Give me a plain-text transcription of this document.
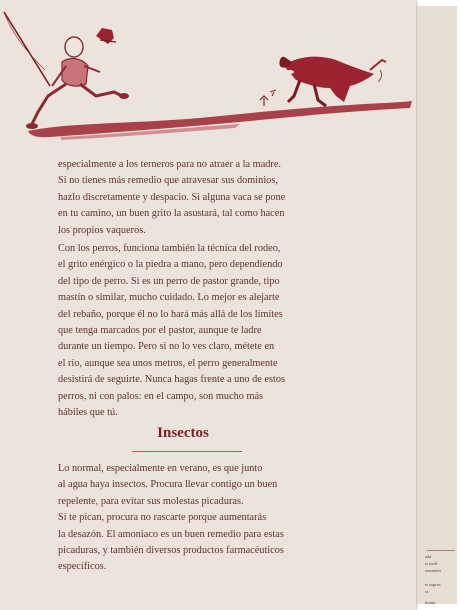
especialmente a los terneros para no atraer a la madre.
Si no tienes más remedio que atravesar sus dominios,
hazlo discretamente y despacio. Si alguna vaca se pone
en tu camino, un buen grito la asustará, tal como hacen
los propios vaqueros.

Con los perros, funciona también la técnica del rodeo,
el grito enérgico o la piedra a mano, pero dependiendo
del tipo de perro. Si es un perro de pastor grande, tipo
mastín o similar, mucho cuidado. Lo mejor es alejarte
del rebaño, porque él no lo hará más allá de los límites
que tenga marcados por el pastor, aunque te ladre
durante un tiempo. Pero si no lo ves claro, métete en
el río, aunque sea unos metros, el perro generalmente
desistirá de seguirte. Nunca hagas frente a uno de estos
perros, ni con palos: en el campo, son mucho más
hábiles que tú.

Insectos

Lo normal, especialmente en verano, es que junto
al agua haya insectos. Procura llevar contigo un buen
repelente, para evitar sus molestas picaduras.
Si te pican, procura no rascarte porque aumentarás
la desazón. El amoniaco es un buen remedio para estas
picaduras, y también diversos productos farmacéuticos
específicos.

ada
ts tood
ressenter
ts ospres
ra
homir
